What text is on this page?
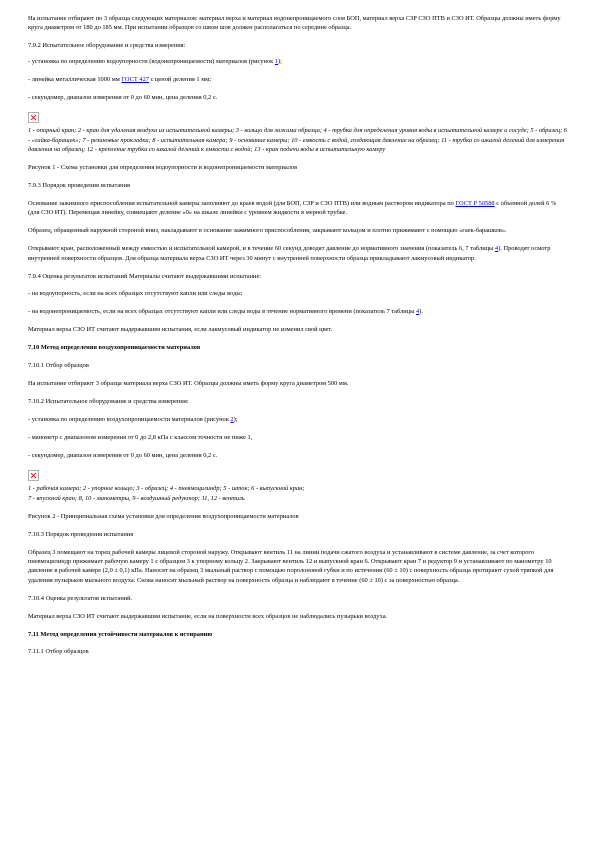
На испытание отбирают по 3 образца следующих материалов: материал верха и материал водонепроницаемого слоя БОП, материал верха СЗР СЗО ПТВ и СЗО ИТ. Образцы должны иметь форму круга диаметром от 180 до 185 мм. При испытании образцов со швом шов должен располагаться по середине образца.

7.9.2 Испытательное оборудование и средства измерения:

- установка по определению водоупорности (водонепроницаемости) материалов (рисунок 1);

- линейка металлическая 1000 мм ГОСТ 427 с ценой деления 1 мм;

- секундомер, диапазон измерения от 0 до 60 мин, цена деления 0,2 с.

1 - опорный кран; 2 - кран для удаления воздуха из испытательной камеры; 3 - кольцо для зажима образца; 4 - трубка для определения уровня воды в испытательной камере и сосуде; 5 - образец; 6 - «гайка-барашек»; 7 - резиновые прокладки; 8 - испытательная камера; 9 - основание камеры; 10 - емкость с водой, создающая давление на образец; 11 - трубка со шкалой делений для измерения давления на образец; 12 - крепление трубки со шкалой делений к емкости с водой; 13 - кран подачи воды в испытательную камеру

Рисунок 1 - Схема установки для определения водоупорности и водонепроницаемости материалов

7.9.3 Порядок проведения испытания

Основание зажимного приспособления испытательной камеры заполняют до краев водой (для БОП, СЗР и СЗО ПТВ) или водным раствором индикатора по ГОСТ Р 50588 с объемной долей 6 % (для СЗО ИТ). Перемещая линейку, совмещают деление «0» на шкале линейки с уровнем жидкости в мерной трубке.

Образец, обращенный наружной стороной вниз, накладывают в основание зажимного приспособления, закрывают кольцом и плотно прижимают с помощью «гаек-барашков».

Открывают кран, расположенный между емкостью и испытательной камерой, и в течение 60 секунд доводят давление до нормативного значения (показатель 6, 7 таблицы 4). Проводят осмотр внутренней поверхности образцов. Для образца материала верха СЗО ИТ через 30 минут с внутренней поверхности образца прикладывают лакмусовый индикатор.

7.9.4 Оценка результатов испытаний Материалы считают выдержавшими испытание:

- на водоупорность, если на всех образцах отсутствуют капли или следы воды;

- на водонепроницаемость, если на всех образцах отсутствуют капли или следы воды в течение нормативного времени (показатель 7 таблицы 4).

Материал верха СЗО ИТ считают выдержавшим испытания, если лакмусовый индикатор не изменил свой цвет.

7.10 Метод определения воздухопроницаемости материалов

7.10.1 Отбор образцов

На испытание отбирают 3 образца материала верха СЗО ИТ. Образцы должны иметь форму круга диаметром 500 мм.

7.10.2 Испытательное оборудование и средства измерения:

- установка по определению воздухопроницаемости материалов (рисунок 2);

- манометр с диапазоном измерения от 0 до 2,8 кПа с классом точности не ниже 1,

- секундомер, диапазон измерения от 0 до 60 мин, цена деления 0,2 с.

1 - рабочая камера; 2 - упорное кольцо; 3 - образец; 4 - пневмоцилиндр; 5 - шток; 6 - выпускной кран;
7 - впускной кран; 8, 10 - манометры, 9 - воздушный редуктор; 11, 12 - вентиль

Рисунок 2 - Принципиальная схема установки для определения воздухопроницаемости материалов

7.10.3 Порядок проведения испытания

Образец 3 помещают на торец рабочей камеры лицевой стороной наружу. Открывают вентиль 11 на линии подачи сжатого воздуха и устанавливают в системе давление, за счет которого пневмоцилиндр прижимает рабочую камеру 1 с образцом 3 к упорному кольцу 2. Закрывают вентиль 12 и выпускной кран 6. Открывают кран 7 и редуктор 9 и устанавливают по манометру 10 давление в рабочей камере (2,0 ± 0,1) кПа. Наносят на образец 3 мыльный раствор с помощью поролоновой губки и по истечении (60 ± 10) с поверхность образца протирают сухой тряпкой для удаления пузырьков мыльного воздуха. Снова наносят мыльный раствор на поверхность образца и наблюдают в течение (60 ± 10) с за поверхностью образца.

7.10.4 Оценка результатов испытаний.

Материал верха СЗО ИТ считают выдержавшим испытание, если на поверхности всех образцов не наблюдались пузырьки воздуха.

7.11 Метод определения устойчивости материалов к истиранию

7.11.1 Отбор образцов
